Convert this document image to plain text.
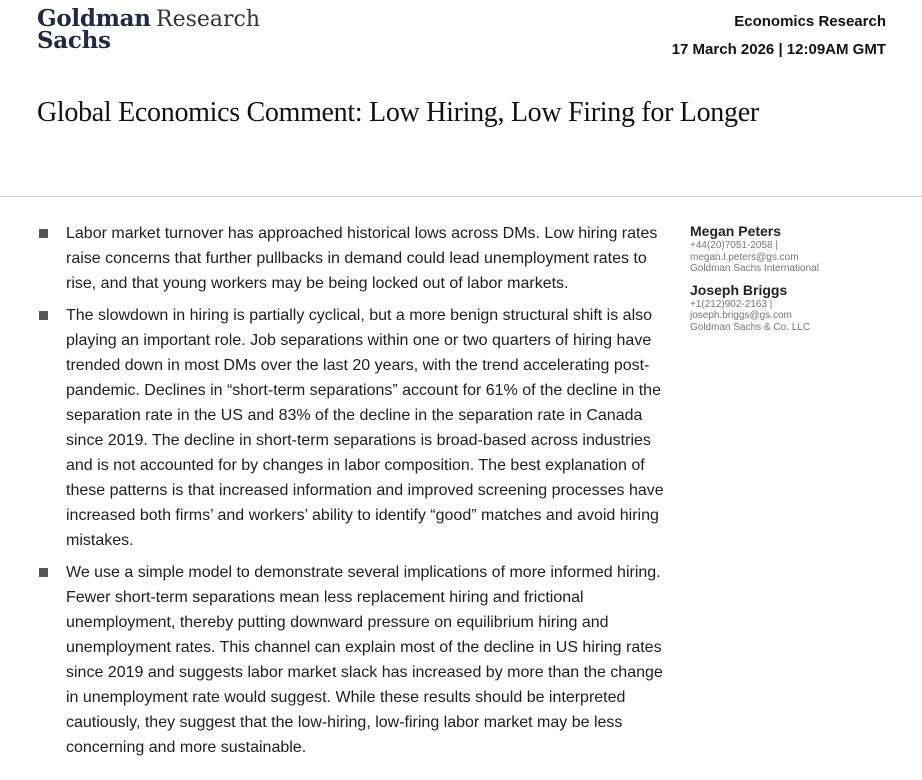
Goldman
Sachs
Research	Economics Research
17 March 2026 | 12:09AM GMT
Global Economics Comment: Low Hiring, Low Firing for Longer
Labor market turnover has approached historical lows across DMs. Low hiring rates raise concerns that further pullbacks in demand could lead unemployment rates to rise, and that young workers may be being locked out of labor markets.
The slowdown in hiring is partially cyclical, but a more benign structural shift is also playing an important role. Job separations within one or two quarters of hiring have trended down in most DMs over the last 20 years, with the trend accelerating post-pandemic. Declines in “short-term separations” account for 61% of the decline in the separation rate in the US and 83% of the decline in the separation rate in Canada since 2019. The decline in short-term separations is broad-based across industries and is not accounted for by changes in labor composition. The best explanation of these patterns is that increased information and improved screening processes have increased both firms’ and workers’ ability to identify “good” matches and avoid hiring mistakes.
We use a simple model to demonstrate several implications of more informed hiring. Fewer short-term separations mean less replacement hiring and frictional unemployment, thereby putting downward pressure on equilibrium hiring and unemployment rates. This channel can explain most of the decline in US hiring rates since 2019 and suggests labor market slack has increased by more than the change in unemployment rate would suggest. While these results should be interpreted cautiously, they suggest that the low-hiring, low-firing labor market may be less concerning and more sustainable.
Megan Peters
+44(20)7051-2058 |
megan.l.peters@gs.com
Goldman Sachs International
Joseph Briggs
+1(212)902-2163 |
joseph.briggs@gs.com
Goldman Sachs & Co. LLC
